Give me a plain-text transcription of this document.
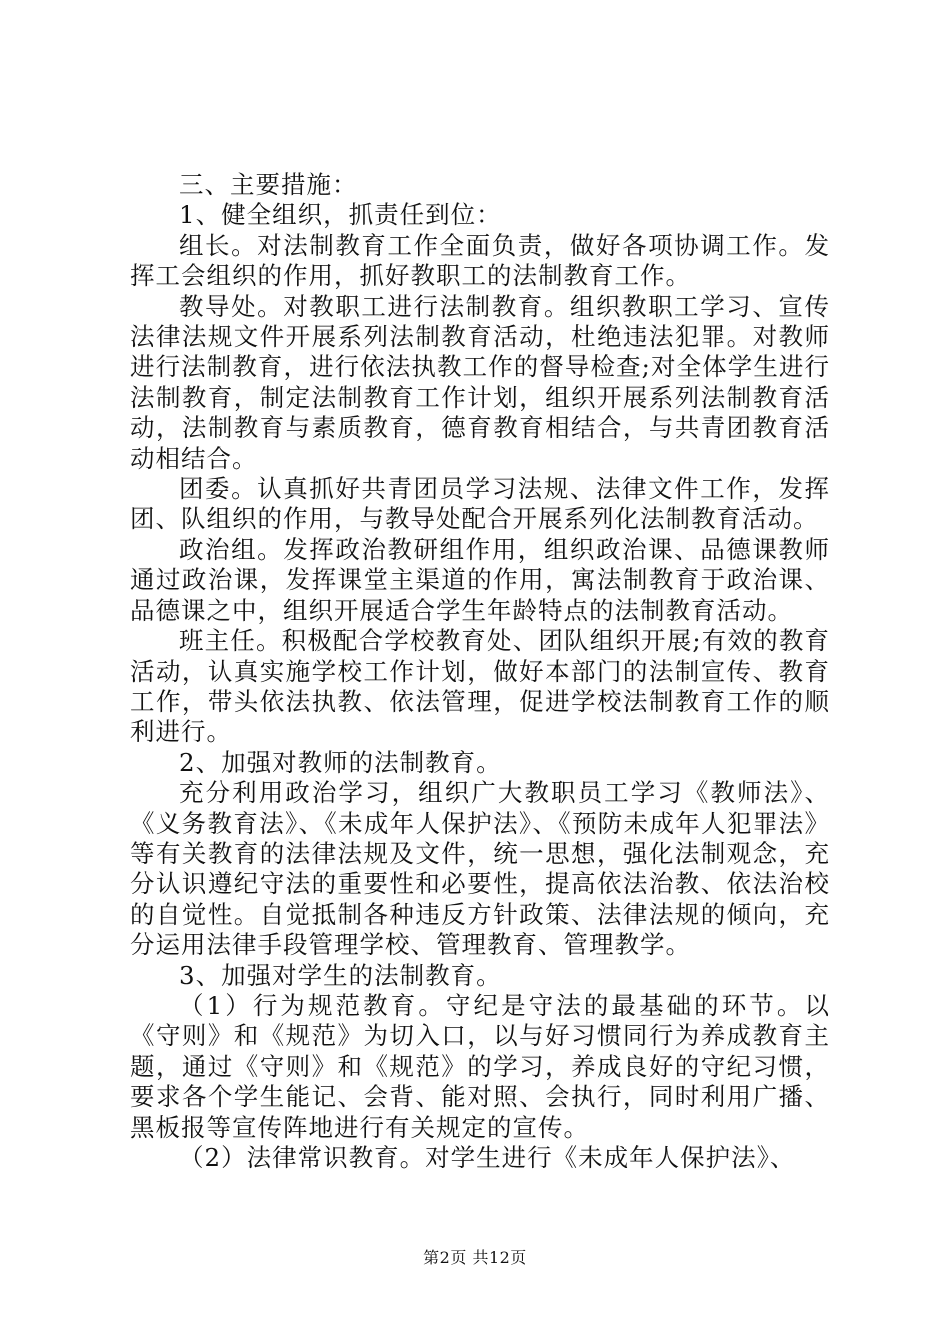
三、主要措施：

1、健全组织，抓责任到位：

组长。对法制教育工作全面负责，做好各项协调工作。发挥工会组织的作用，抓好教职工的法制教育工作。

教导处。对教职工进行法制教育。组织教职工学习、宣传法律法规文件开展系列法制教育活动，杜绝违法犯罪。对教师进行法制教育，进行依法执教工作的督导检查;对全体学生进行法制教育，制定法制教育工作计划，组织开展系列法制教育活动，法制教育与素质教育，德育教育相结合，与共青团教育活动相结合。

团委。认真抓好共青团员学习法规、法律文件工作，发挥团、队组织的作用，与教导处配合开展系列化法制教育活动。

政治组。发挥政治教研组作用，组织政治课、品德课教师通过政治课，发挥课堂主渠道的作用，寓法制教育于政治课、品德课之中，组织开展适合学生年龄特点的法制教育活动。

班主任。积极配合学校教育处、团队组织开展;有效的教育活动，认真实施学校工作计划，做好本部门的法制宣传、教育工作，带头依法执教、依法管理，促进学校法制教育工作的顺利进行。

2、加强对教师的法制教育。

充分利用政治学习，组织广大教职员工学习《教师法》、《义务教育法》、《未成年人保护法》、《预防未成年人犯罪法》等有关教育的法律法规及文件，统一思想，强化法制观念，充分认识遵纪守法的重要性和必要性，提高依法治教、依法治校的自觉性。自觉抵制各种违反方针政策、法律法规的倾向，充分运用法律手段管理学校、管理教育、管理教学。

3、加强对学生的法制教育。

（1）行为规范教育。守纪是守法的最基础的环节。以《守则》和《规范》为切入口，以与好习惯同行为养成教育主题，通过《守则》和《规范》的学习，养成良好的守纪习惯，要求各个学生能记、会背、能对照、会执行，同时利用广播、黑板报等宣传阵地进行有关规定的宣传。

（2）法律常识教育。对学生进行《未成年人保护法》、

第2页 共12页
